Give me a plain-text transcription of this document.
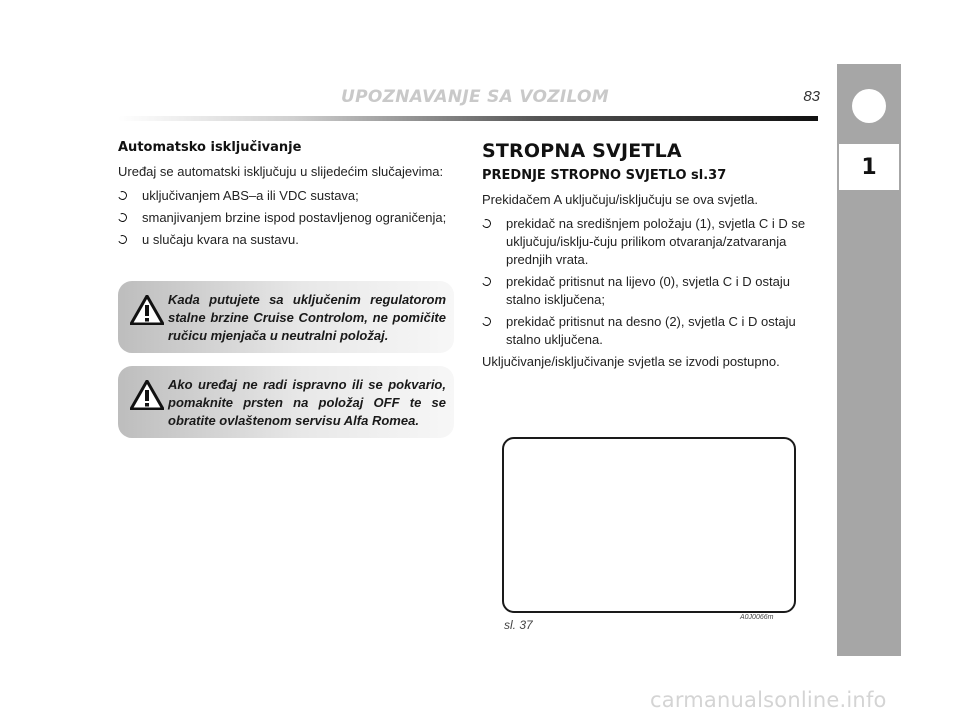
UPOZNAVANJE SA VOZILOM	83
1
Automatsko isključivanje
Uređaj se automatski isključuju u slijedećim slučajevima:
uključivanjem ABS–a ili VDC sustava;
smanjivanjem brzine ispod postavljenog ograničenja;
u slučaju kvara na sustavu.
Kada putujete sa uključenim regulatorom stalne brzine Cruise Controlom, ne pomičite ručicu mjenjača u neutralni položaj.
Ako uređaj ne radi ispravno ili se pokvario, pomaknite prsten na položaj OFF te se obratite ovlaštenom servisu Alfa Romea.
STROPNA SVJETLA
PREDNJE STROPNO SVJETLO sl.37
Prekidačem A uključuju/isključuju se ova svjetla.
prekidač na središnjem položaju (1), svjetla C i D se uključuju/isklju-čuju prilikom otvaranja/zatvaranja prednjih vrata.
prekidač pritisnut na lijevo (0), svjetla C i D ostaju stalno isključena;
prekidač pritisnut na desno (2), svjetla C i D ostaju stalno uključena.
Uključivanje/isključivanje svjetla se izvodi postupno.
sl. 37
A0J0066m
carmanualsonline.info
